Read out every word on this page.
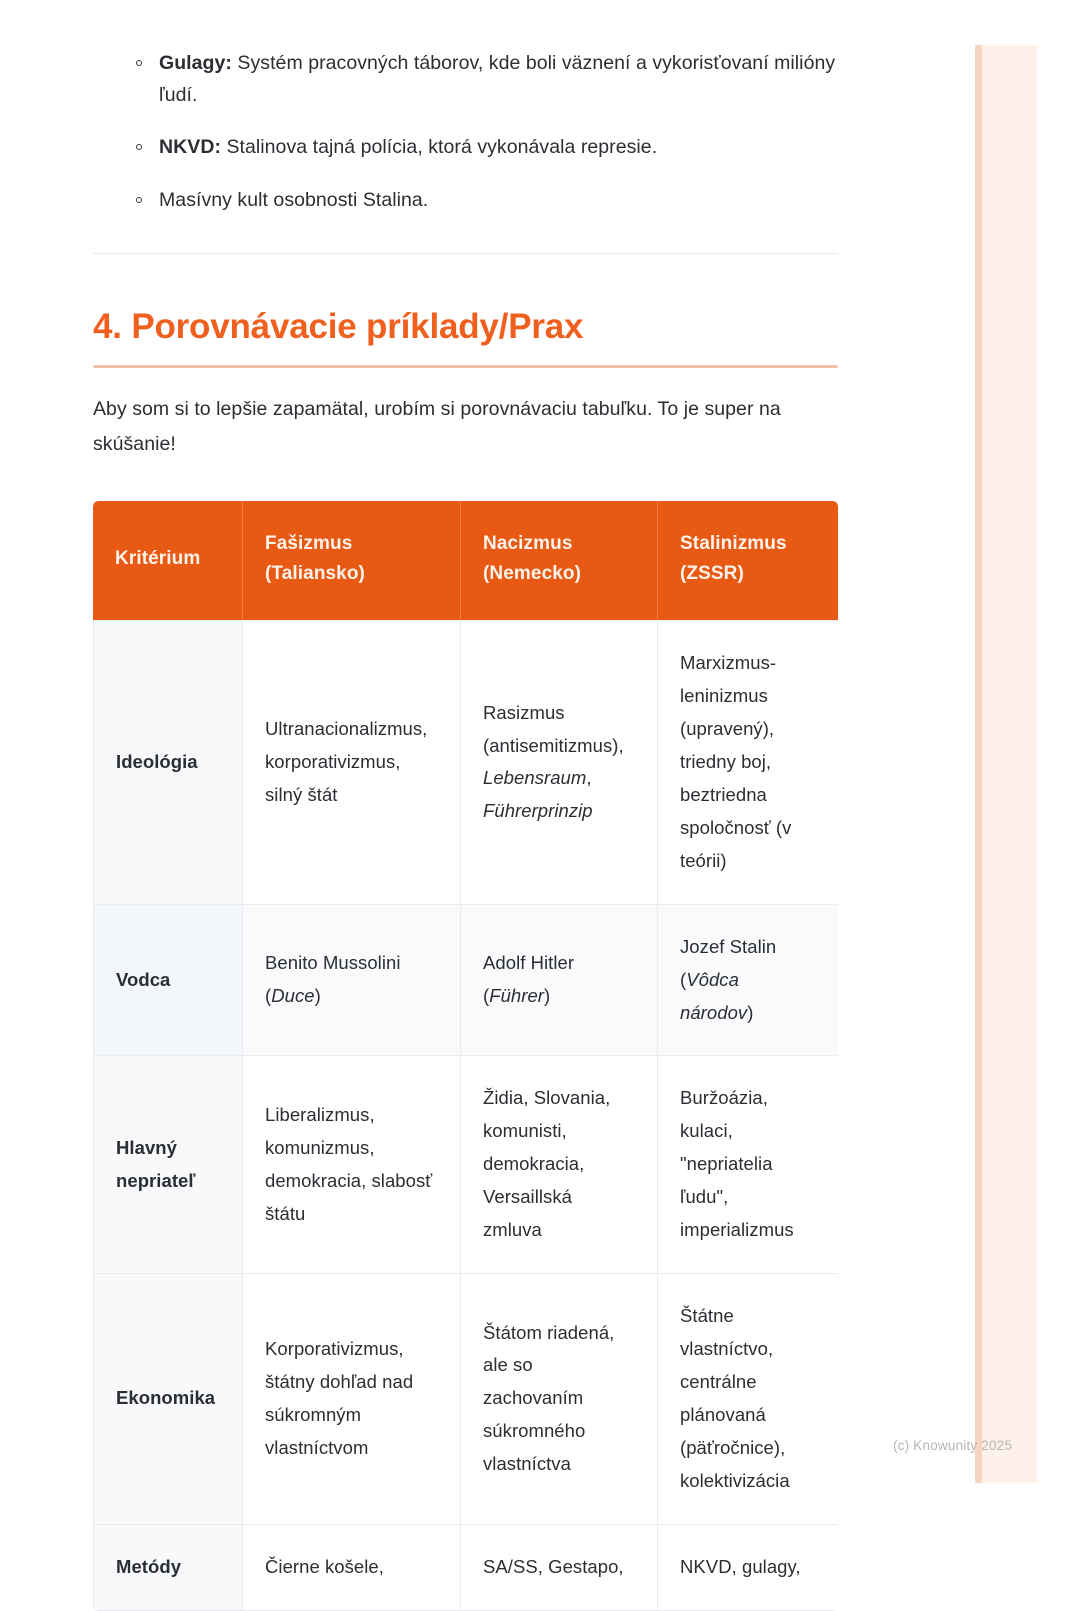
Gulagy: Systém pracovných táborov, kde boli väznení a vykorisťovaní milióny ľudí.
NKVD: Stalinova tajná polícia, ktorá vykonávala represie.
Masívny kult osobnosti Stalina.
4. Porovnávacie príklady/Prax

Aby som si to lepšie zapamätal, urobím si porovnávaciu tabuľku. To je super na skúšanie!

Kritérium	Fašizmus (Taliansko)	Nacizmus (Nemecko)	Stalinizmus (ZSSR)
Ideológia	Ultranacionalizmus, korporativizmus, silný štát	Rasizmus (antisemitizmus), Lebensraum, Führerprinzip	Marxizmus-leninizmus (upravený), triedny boj, beztriedna spoločnosť (v teórii)
Vodca	Benito Mussolini (Duce)	Adolf Hitler (Führer)	Jozef Stalin (Vôdca národov)
Hlavný nepriateľ	Liberalizmus, komunizmus, demokracia, slabosť štátu	Židia, Slovania, komunisti, demokracia, Versaillská zmluva	Buržoázia, kulaci, "nepriatelia ľudu", imperializmus
Ekonomika	Korporativizmus, štátny dohľad nad súkromným vlastníctvom	Štátom riadená, ale so zachovaním súkromného vlastníctva	Štátne vlastníctvo, centrálne plánovaná (päťročnice), kolektivizácia
Metódy	Čierne košele,	SA/SS, Gestapo,	NKVD, gulagy,
(c) Knowunity 2025
